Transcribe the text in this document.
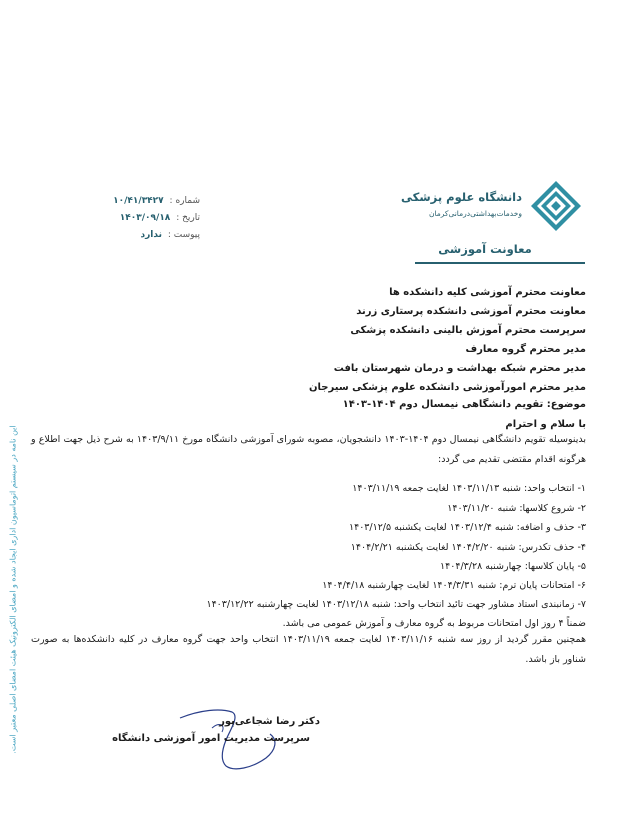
دانشگاه علوم پزشکی
و‌خدمات‌بهداشتی‌درمانی‌کرمان
معاونت آموزشی
شماره : ۱۰/۴۱/۳۴۲۷
تاریخ : ۱۴۰۳/۰۹/۱۸
پیوست : ندارد
معاونت محترم آموزشی کلیه دانشکده ها
معاونت محترم آموزشی دانشکده پرستاری زرند
سرپرست محترم آموزش بالینی دانشکده پزشکی
مدیر محترم گروه معارف
مدیر محترم شبکه بهداشت و درمان شهرستان بافت
مدیر محترم امورآموزشی دانشکده علوم پزشکی سیرجان
موضوع: تقویم دانشگاهی نیمسال دوم ۱۴۰۴-۱۴۰۳
با سلام و احترام
بدینوسیله تقویم دانشگاهی نیمسال دوم ۱۴۰۴-۱۴۰۳ دانشجویان، مصوبه شورای آموزشی دانشگاه مورخ ۱۴۰۳/۹/۱۱ به شرح ذیل جهت اطلاع و هرگونه اقدام مقتضی تقدیم می گردد:
۱- انتخاب واحد: شنبه ۱۴۰۳/۱۱/۱۳ لغایت جمعه ۱۴۰۳/۱۱/۱۹
۲- شروع کلاسها: شنبه ۱۴۰۳/۱۱/۲۰
۳- حذف و اضافه: شنبه ۱۴۰۳/۱۲/۴ لغایت یکشنبه ۱۴۰۳/۱۲/۵
۴- حذف تکدرس: شنبه ۱۴۰۴/۲/۲۰ لغایت یکشنبه ۱۴۰۴/۲/۲۱
۵- پایان کلاسها: چهارشنبه ۱۴۰۴/۳/۲۸
۶- امتحانات پایان ترم: شنبه ۱۴۰۴/۳/۳۱ لغایت چهارشنبه ۱۴۰۴/۴/۱۸
۷- زمانبندی استاد مشاور جهت تائید انتخاب واحد: شنبه ۱۴۰۳/۱۲/۱۸ لغایت چهارشنبه ۱۴۰۳/۱۲/۲۲
ضمناً ۴ روز اول امتحانات مربوط به گروه معارف و آموزش عمومی می باشد.
همچنین مقرر گردید از روز سه شنبه ۱۴۰۳/۱۱/۱۶ لغایت جمعه ۱۴۰۳/۱۱/۱۹ انتخاب واحد جهت گروه معارف در کلیه دانشکده‌ها به صورت شناور باز باشد.
دکتر رضا شجاعی‌پور
سرپرست مدیریت امور آموزشی دانشگاه
این نامه در سیستم اتوماسیون اداری ایجاد شده و امضای الکترونیک هیئت امضای اصلی معتبر است.
